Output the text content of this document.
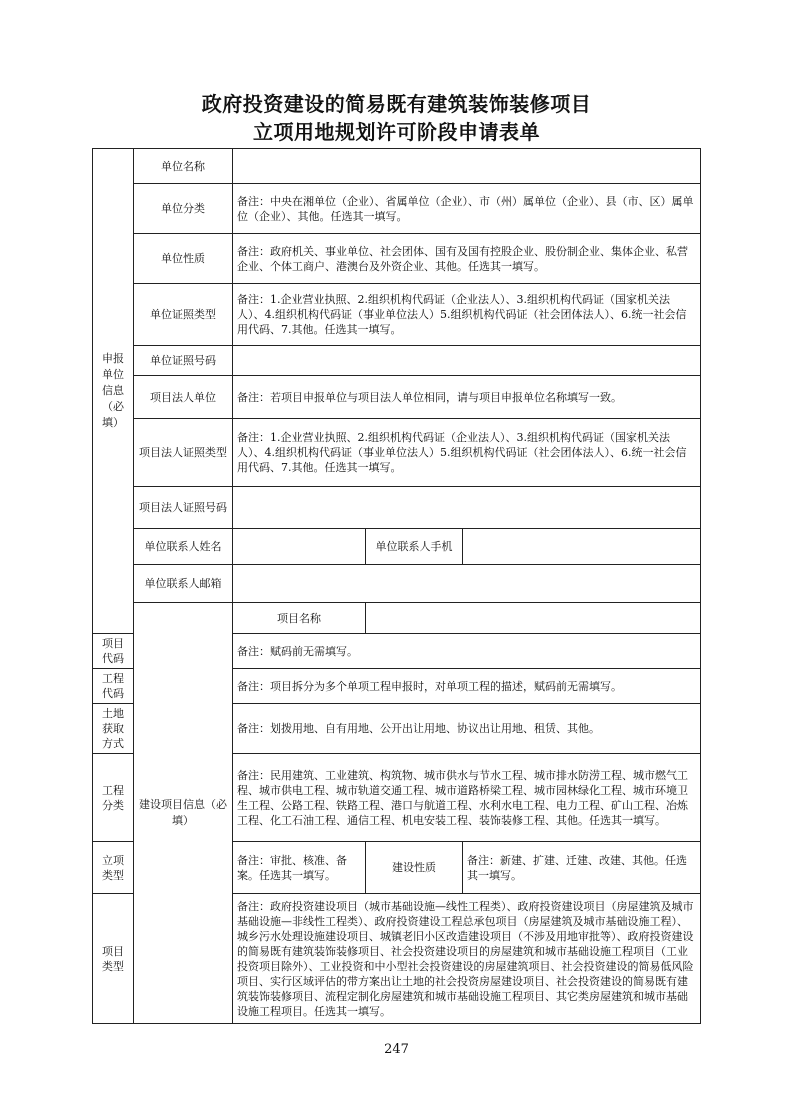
政府投资建设的简易既有建筑装饰装修项目
立项用地规划许可阶段申请表单
申报单位信息（必填）	单位名称			
	单位分类	备注：中央在湘单位（企业）、省属单位（企业）、市（州）属单位（企业）、县（市、区）属单位（企业）、其他。任选其一填写。		
	单位性质	备注：政府机关、事业单位、社会团体、国有及国有控股企业、股份制企业、集体企业、私营企业、个体工商户、港澳台及外资企业、其他。任选其一填写。		
	单位证照类型	备注：1.企业营业执照、2.组织机构代码证（企业法人）、3.组织机构代码证（国家机关法人）、4.组织机构代码证（事业单位法人）5.组织机构代码证（社会团体法人）、6.统一社会信用代码、7.其他。任选其一填写。		
	单位证照号码			
	项目法人单位	备注：若项目申报单位与项目法人单位相同，请与项目申报单位名称填写一致。		
	项目法人证照类型	备注：1.企业营业执照、2.组织机构代码证（企业法人）、3.组织机构代码证（国家机关法人）、4.组织机构代码证（事业单位法人）5.组织机构代码证（社会团体法人）、6.统一社会信用代码、7.其他。任选其一填写。		
	项目法人证照号码			
	单位联系人姓名		单位联系人手机	
	单位联系人邮箱			
	建设项目信息（必填）	项目名称		
项目代码		备注：赋码前无需填写。		
工程代码		备注：项目拆分为多个单项工程申报时，对单项工程的描述，赋码前无需填写。		
土地获取方式		备注：划拨用地、自有用地、公开出让用地、协议出让用地、租赁、其他。		
工程分类		备注：民用建筑、工业建筑、构筑物、城市供水与节水工程、城市排水防涝工程、城市燃气工程、城市供电工程、城市轨道交通工程、城市道路桥梁工程、城市园林绿化工程、城市环境卫生工程、公路工程、铁路工程、港口与航道工程、水利水电工程、电力工程、矿山工程、冶炼工程、化工石油工程、通信工程、机电安装工程、装饰装修工程、其他。任选其一填写。		
立项类型		备注：审批、核准、备案。任选其一填写。	建设性质	备注：新建、扩建、迁建、改建、其他。任选其一填写。
项目类型		备注：政府投资建设项目（城市基础设施—线性工程类）、政府投资建设项目（房屋建筑及城市基础设施—非线性工程类）、政府投资建设工程总承包项目（房屋建筑及城市基础设施工程）、城乡污水处理设施建设项目、城镇老旧小区改造建设项目（不涉及用地审批等）、政府投资建设的简易既有建筑装饰装修项目、社会投资建设项目的房屋建筑和城市基础设施工程项目（工业投资项目除外）、工业投资和中小型社会投资建设的房屋建筑项目、社会投资建设的简易低风险项目、实行区域评估的带方案出让土地的社会投资房屋建设项目、社会投资建设的简易既有建筑装饰装修项目、流程定制化房屋建筑和城市基础设施工程项目、其它类房屋建筑和城市基础设施工程项目。任选其一填写。		
247
